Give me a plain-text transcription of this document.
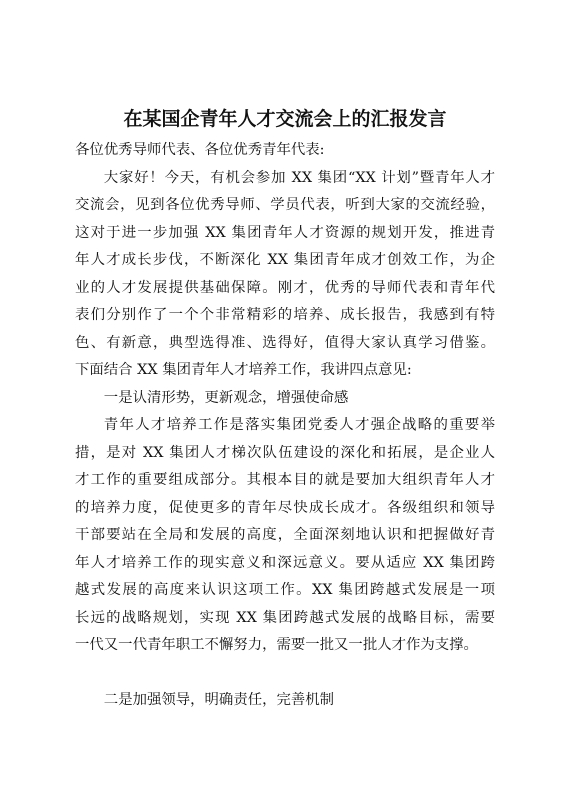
在某国企青年人才交流会上的汇报发言

各位优秀导师代表、各位优秀青年代表:

大家好！今天，有机会参加 XX 集团“XX 计划”暨青年人才
交流会，见到各位优秀导师、学员代表，听到大家的交流经验，
这对于进一步加强 XX 集团青年人才资源的规划开发，推进青
年人才成长步伐，不断深化 XX 集团青年成才创效工作，为企
业的人才发展提供基础保障。刚才，优秀的导师代表和青年代
表们分别作了一个个非常精彩的培养、成长报告，我感到有特
色、有新意，典型选得准、选得好，值得大家认真学习借鉴。
下面结合 XX 集团青年人才培养工作，我讲四点意见:

一是认清形势，更新观念，增强使命感

青年人才培养工作是落实集团党委人才强企战略的重要举
措，是对 XX 集团人才梯次队伍建设的深化和拓展，是企业人
才工作的重要组成部分。其根本目的就是要加大组织青年人才
的培养力度，促使更多的青年尽快成长成才。各级组织和领导
干部要站在全局和发展的高度，全面深刻地认识和把握做好青
年人才培养工作的现实意义和深远意义。要从适应 XX 集团跨
越式发展的高度来认识这项工作。XX 集团跨越式发展是一项
长远的战略规划，实现 XX 集团跨越式发展的战略目标，需要
一代又一代青年职工不懈努力，需要一批又一批人才作为支撑。

二是加强领导，明确责任，完善机制
